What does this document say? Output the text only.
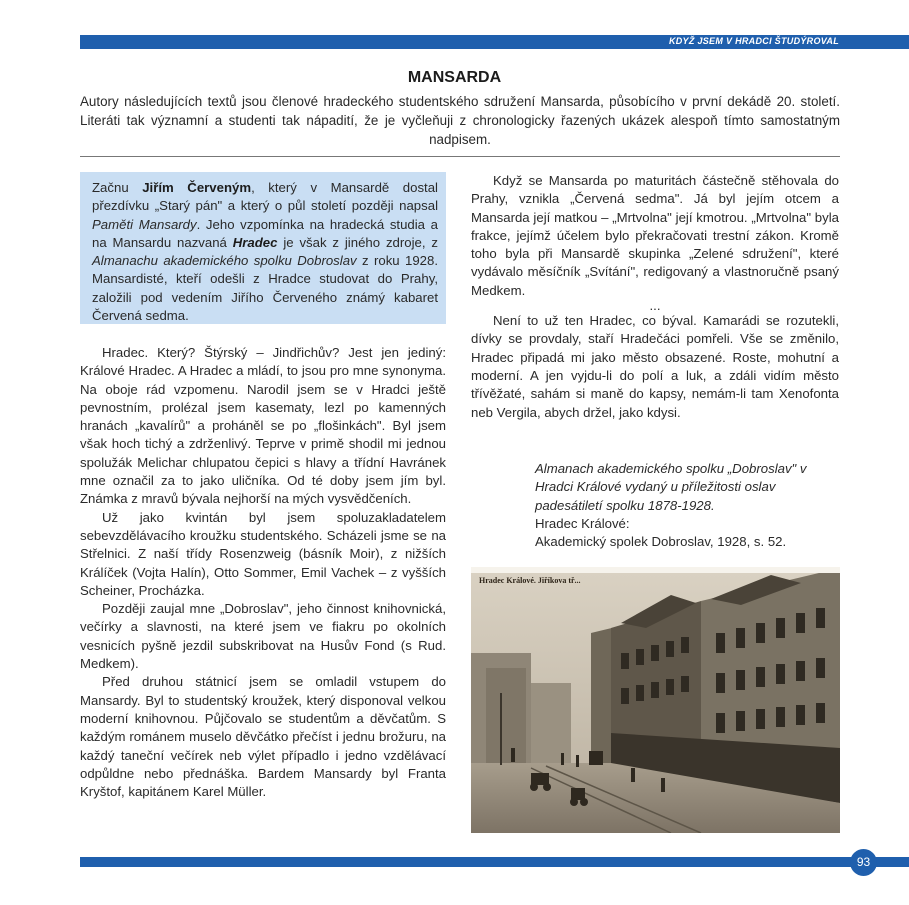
KDYŽ JSEM V HRADCI ŠTUDÝROVAL
MANSARDA
Autory následujících textů jsou členové hradeckého studentského sdružení Mansarda, působícího v první dekádě 20. století. Literáti tak významní a studenti tak nápadití, že je vyčleňuji z chronologicky řazených ukázek alespoň tímto samostatným nadpisem.
Začnu Jiřím Červeným, který v Mansardě dostal přezdívku „Starý pán" a který o půl století později napsal Paměti Mansardy. Jeho vzpomínka na hradecká studia a na Mansardu nazvaná Hradec je však z jiného zdroje, z Almanachu akademického spolku Dobroslav z roku 1928. Mansardisté, kteří odešli z Hradce studovat do Prahy, založili pod vedením Jiřího Červeného známý kabaret Červená sedma.

Hradec. Který? Štýrský – Jindřichův? Jest jen jediný: Králové Hradec. A Hradec a mládí, to jsou pro mne synonyma. Na oboje rád vzpomenu. Narodil jsem se v Hradci ještě pevnostním, prolézal jsem kasematy, lezl po kamenných hranách „kavalírů" a proháněl se po „flošinkách". Byl jsem však hoch tichý a zdrženlivý. Teprve v primě shodil mi jednou spolužák Melichar chlupatou čepici s hlavy a třídní Havránek mne označil za to jako uličníka. Od té doby jsem jím byl. Známka z mravů bývala nejhorší na mých vysvědčeních.

Už jako kvintán byl jsem spoluzakladatelem sebevzdělávacího kroužku studentského. Scházeli jsme se na Střelnici. Z naší třídy Rosenzweig (básník Moir), z nižších Králíček (Vojta Halín), Otto Sommer, Emil Vachek – z vyšších Scheiner, Procházka.

Později zaujal mne „Dobroslav", jeho činnost knihovnická, večírky a slavnosti, na které jsem ve fiakru po okolních vesnicích pyšně jezdil subskribovat na Husův Fond (s Rud. Medkem).

Před druhou státnicí jsem se omladil vstupem do Mansardy. Byl to studentský kroužek, který disponoval velkou moderní knihovnou. Půjčovalo se studentům a děvčatům. S každým románem muselo děvčátko přečíst i jednu brožuru, na každý taneční večírek neb výlet případlo i jedno vzdělávací odpůldne nebo přednáška. Bardem Mansardy byl Franta Kryštof, kapitánem Karel Müller.

Když se Mansarda po maturitách částečně stěhovala do Prahy, vznikla „Červená sedma". Já byl jejím otcem a Mansarda její matkou – „Mrtvolna" její kmotrou. „Mrtvolna" byla frakce, jejímž účelem bylo překračovati trestní zákon. Kromě toho byla při Mansardě skupinka „Zelené sdružení", které vydávalo měsíčník „Svítání", redigovaný a vlastnoručně psaný Medkem.

...

Není to už ten Hradec, co býval. Kamarádi se rozutekli, dívky se provdaly, staří Hradečáci pomřeli. Vše se změnilo, Hradec připadá mi jako město obsazené. Roste, mohutní a moderní. A jen vyjdu-li do polí a luk, a zdáli vidím město třívěžaté, sahám si maně do kapsy, nemám-li tam Xenofonta neb Vergila, abych držel, jako kdysi.

Almanach akademického spolku „Dobroslav" v Hradci Králové vydaný u příležitosti oslav padesátiletí spolku 1878-1928.
Hradec Králové:
Akademický spolek Dobroslav, 1928, s. 52.
Hradec Králové. Jiříkova tř...
93
